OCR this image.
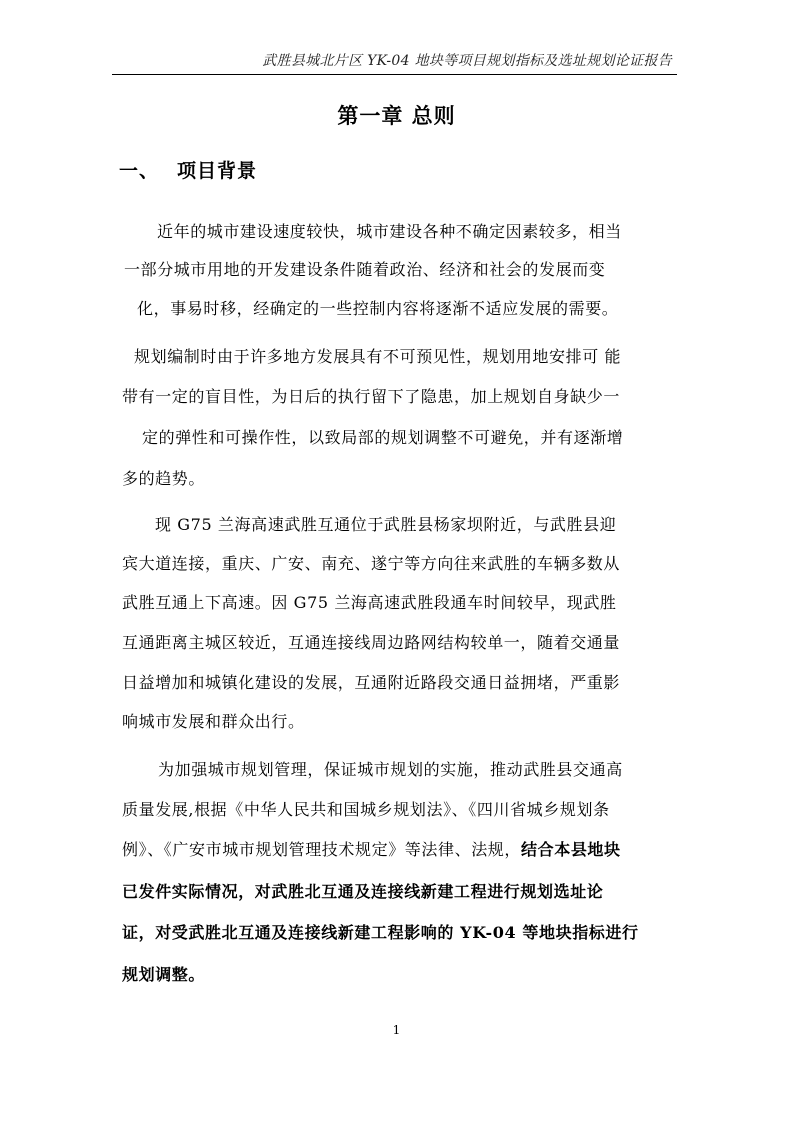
武胜县城北片区 YK-04 地块等项目规划指标及选址规划论证报告
第一章 总则
一、 项目背景
近年的城市建设速度较快，城市建设各种不确定因素较多，相当
一部分城市用地的开发建设条件随着政治、经济和社会的发展而变
化，事易时移，经确定的一些控制内容将逐渐不适应发展的需要。
规划编制时由于许多地方发展具有不可预见性，规划用地安排可 能
带有一定的盲目性，为日后的执行留下了隐患，加上规划自身缺少一
定的弹性和可操作性，以致局部的规划调整不可避免，并有逐渐增
多的趋势。
现 G75 兰海高速武胜互通位于武胜县杨家坝附近，与武胜县迎
宾大道连接，重庆、广安、南充、遂宁等方向往来武胜的车辆多数从
武胜互通上下高速。因 G75 兰海高速武胜段通车时间较早，现武胜
互通距离主城区较近，互通连接线周边路网结构较单一，随着交通量
日益增加和城镇化建设的发展，互通附近路段交通日益拥堵，严重影
响城市发展和群众出行。
为加强城市规划管理，保证城市规划的实施，推动武胜县交通高
质量发展,根据《中华人民共和国城乡规划法》、《四川省城乡规划条
例》、《广安市城市规划管理技术规定》等法律、法规，结合本县地块
已发件实际情况，对武胜北互通及连接线新建工程进行规划选址论
证，对受武胜北互通及连接线新建工程影响的 YK-04 等地块指标进行
规划调整。
1
